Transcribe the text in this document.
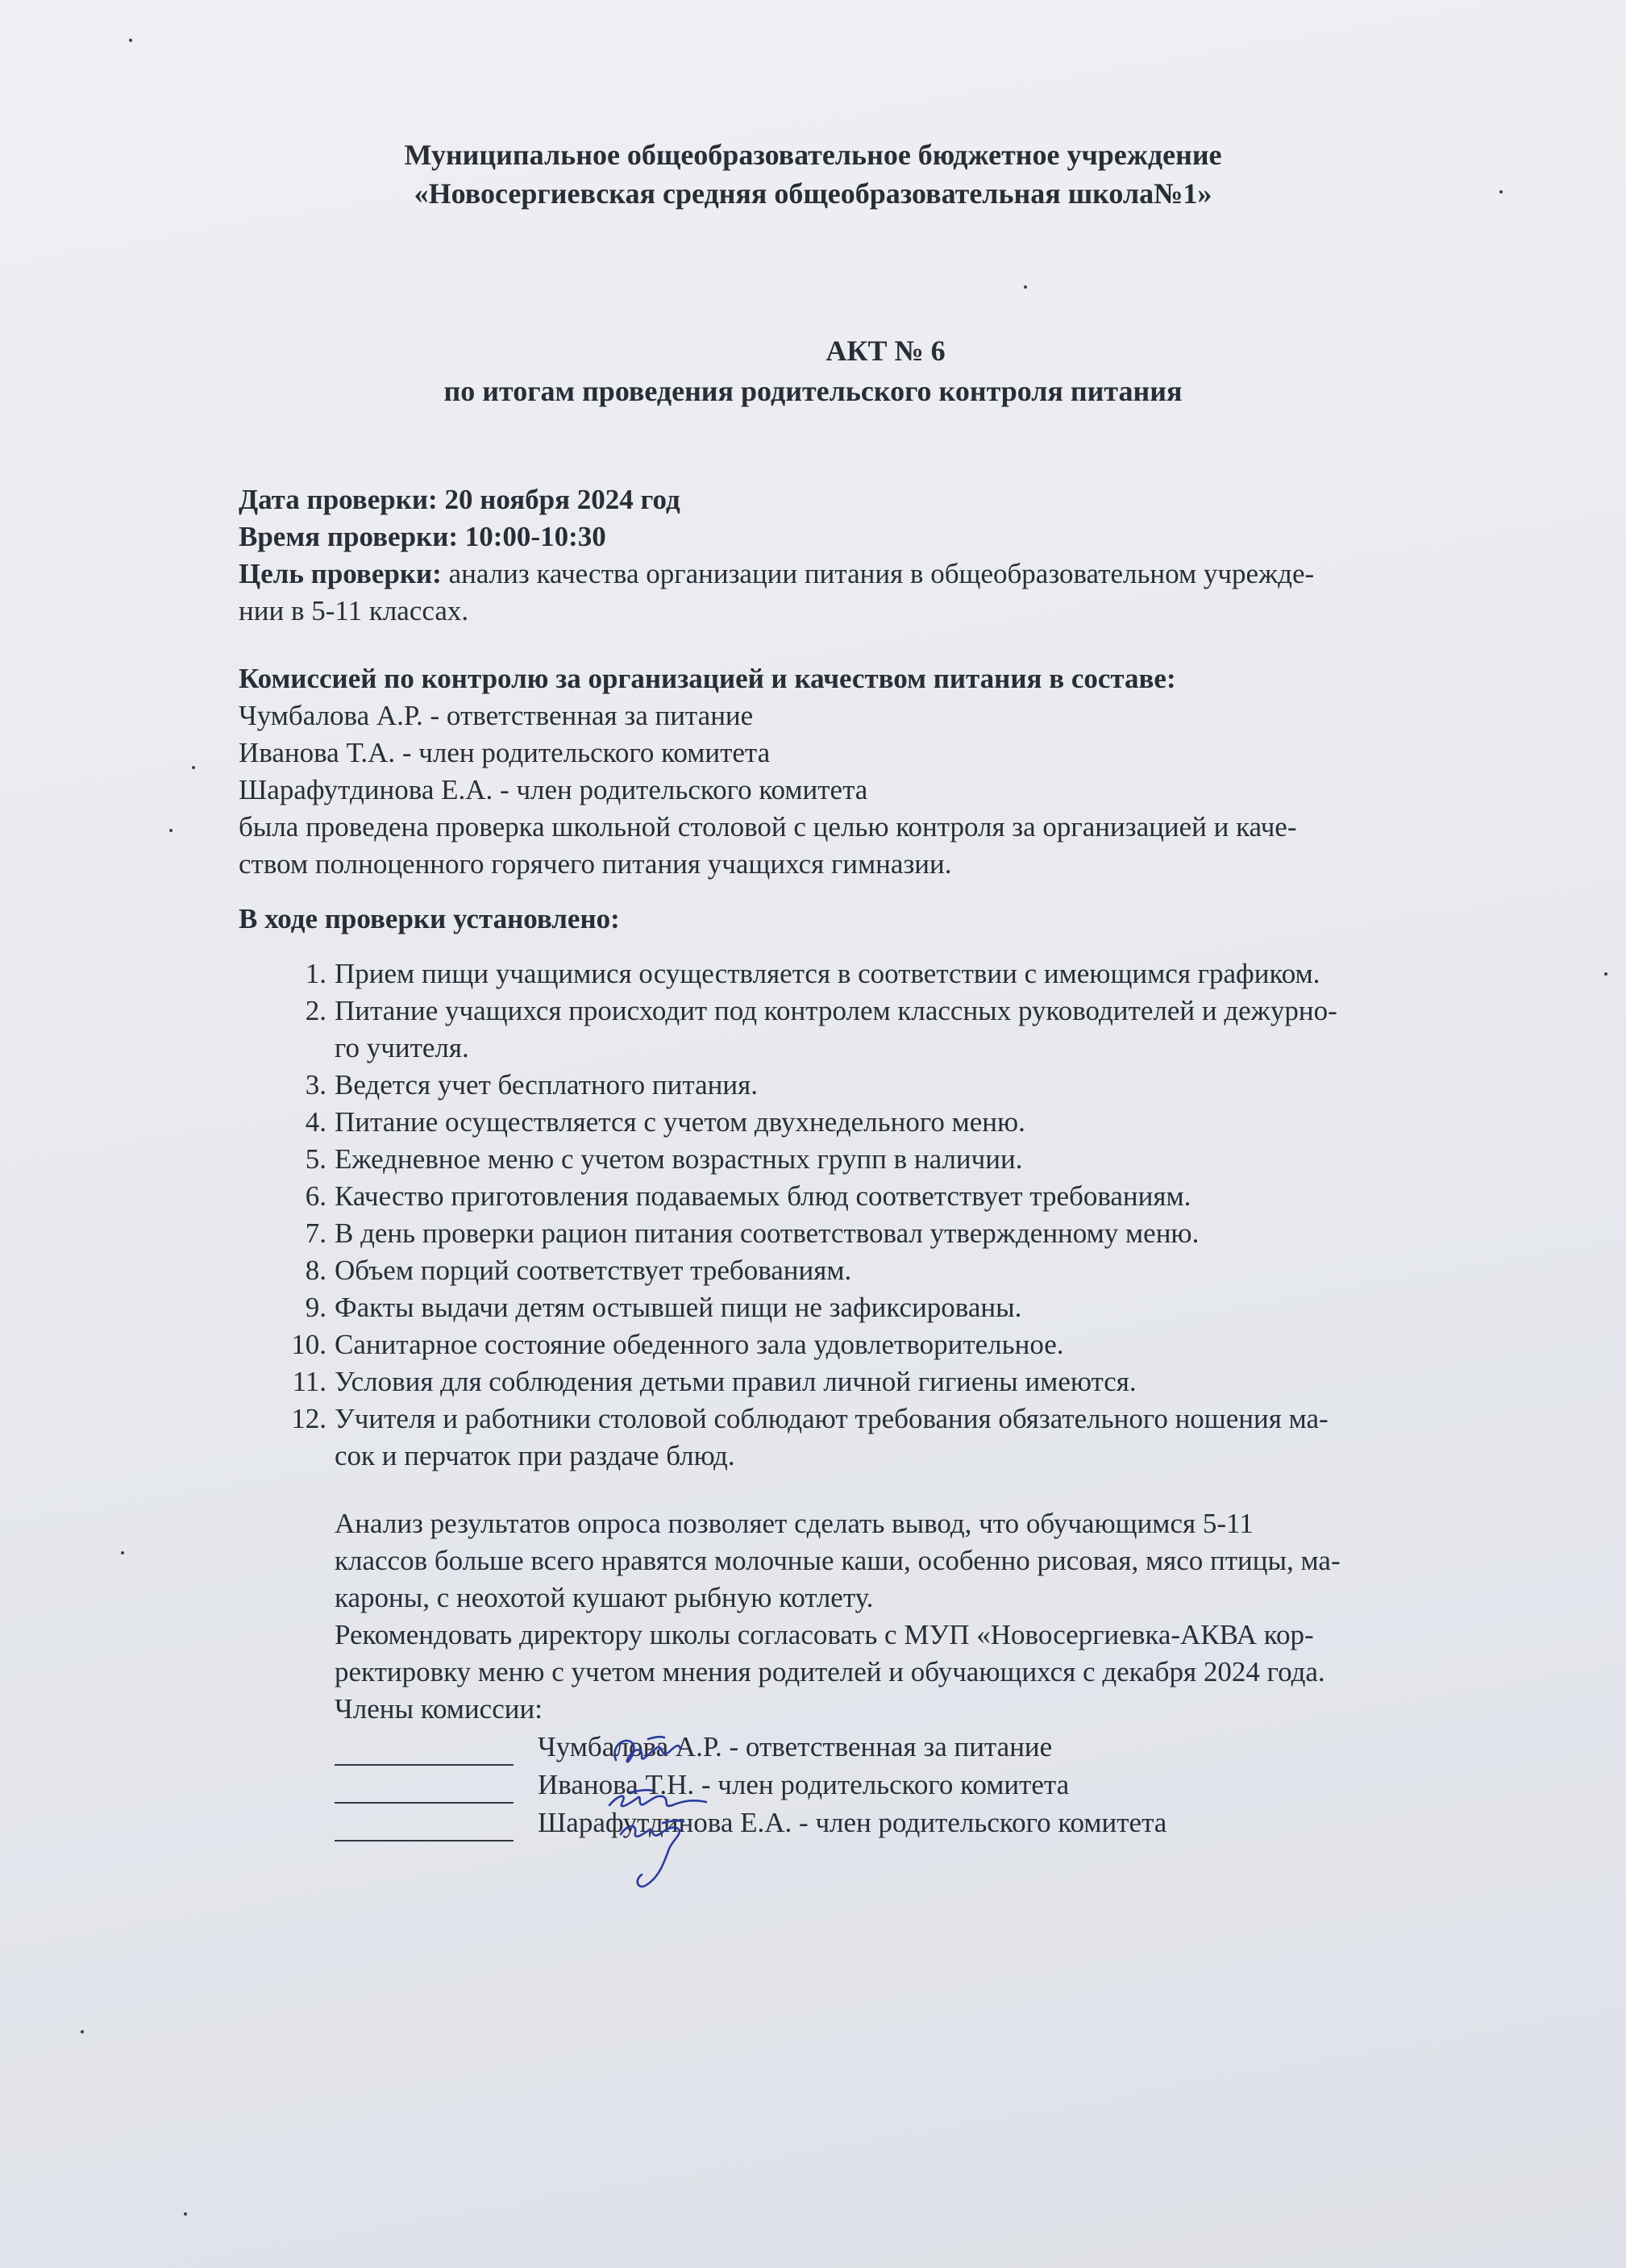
Муниципальное общеобразовательное бюджетное учреждение
«Новосергиевская средняя общеобразовательная школа№1»
АКТ № 6
по итогам проведения родительского контроля питания

Дата проверки: 20 ноября 2024 год

Время проверки: 10:00-10:30

Цель проверки: анализ качества организации питания в общеобразовательном учрежде-

нии в 5-11 классах.

Комиссией по контролю за организацией и качеством питания в составе:

Чумбалова А.Р. - ответственная за питание

Иванова Т.А. - член родительского комитета

Шарафутдинова Е.А. - член родительского комитета

была проведена проверка школьной столовой с целью контроля за организацией и каче-

ством полноценного горячего питания учащихся гимназии.

В ходе проверки установлено:

1. Прием пищи учащимися осуществляется в соответствии с имеющимся графиком.
2. Питание учащихся происходит под контролем классных руководителей и дежурно-
го учителя.
3. Ведется учет бесплатного питания.
4. Питание осуществляется с учетом двухнедельного меню.
5. Ежедневное меню с учетом возрастных групп в наличии.
6. Качество приготовления подаваемых блюд соответствует требованиям.
7. В день проверки рацион питания соответствовал утвержденному меню.
8. Объем порций соответствует требованиям.
9. Факты выдачи детям остывшей пищи не зафиксированы.
10. Санитарное состояние обеденного зала удовлетворительное.
11. Условия для соблюдения детьми правил личной гигиены имеются.
12. Учителя и работники столовой соблюдают требования обязательного ношения ма-
сок и перчаток при раздаче блюд.

Анализ результатов опроса позволяет сделать вывод, что обучающимся 5-11

классов больше всего нравятся молочные каши, особенно рисовая, мясо птицы, ма-

кароны, с неохотой кушают рыбную котлету.

Рекомендовать директору школы согласовать с МУП «Новосергиевка-АКВА кор-

ректировку меню с учетом мнения родителей и обучающихся с декабря 2024 года.

Члены комиссии:

Чумбалова А.Р. - ответственная за питание
Иванова Т.Н. - член родительского комитета
Шарафутдинова Е.А. - член родительского комитета
